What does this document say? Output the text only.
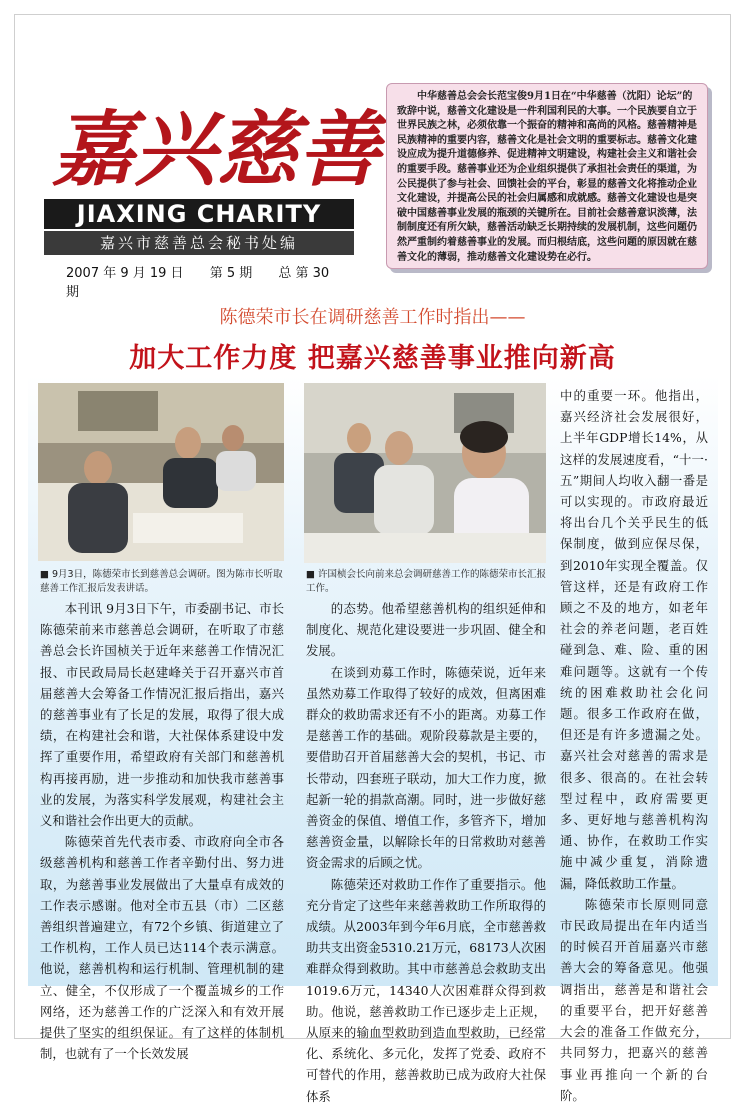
嘉兴慈善
JIAXING CHARITY
嘉兴市慈善总会秘书处编
2007 年 9 月 19 日 第 5 期 总 第 30 期
中华慈善总会会长范宝俊9月1日在“中华慈善（沈阳）论坛”的致辞中说，慈善文化建设是一件利国利民的大事。一个民族要自立于世界民族之林，必须依靠一个振奋的精神和高尚的风格。慈善精神是民族精神的重要内容，慈善文化是社会文明的重要标志。慈善文化建设应成为提升道德修养、促进精神文明建设，构建社会主义和谐社会的重要手段。慈善事业还为企业组织提供了承担社会责任的渠道，为公民提供了参与社会、回馈社会的平台，彰显的慈善文化将推动企业文化建设，并提高公民的社会归属感和成就感。慈善文化建设也是突破中国慈善事业发展的瓶颈的关键所在。目前社会慈善意识淡薄，法制制度还有所欠缺，慈善活动缺乏长期持续的发展机制，这些问题仍然严重制约着慈善事业的发展。而归根结底，这些问题的原因就在慈善文化的薄弱，推动慈善文化建设势在必行。
陈德荣市长在调研慈善工作时指出——
加大工作力度 把嘉兴慈善事业推向新高
■ 9月3日，陈德荣市长到慈善总会调研。图为陈市长听取慈善工作汇报后发表讲话。
■ 许国桢会长向前来总会调研慈善工作的陈德荣市长汇报工作。

本刊讯 9月3日下午，市委副书记、市长陈德荣前来市慈善总会调研，在听取了市慈善总会长许国桢关于近年来慈善工作情况汇报、市民政局局长赵建峰关于召开嘉兴市首届慈善大会筹备工作情况汇报后指出，嘉兴的慈善事业有了长足的发展，取得了很大成绩，在构建社会和谐，大社保体系建设中发挥了重要作用，希望政府有关部门和慈善机构再接再励，进一步推动和加快我市慈善事业的发展，为落实科学发展观，构建社会主义和谐社会作出更大的贡献。

陈德荣首先代表市委、市政府向全市各级慈善机构和慈善工作者辛勤付出、努力进取，为慈善事业发展做出了大量卓有成效的工作表示感谢。他对全市五县（市）二区慈善组织普遍建立，有72个乡镇、街道建立了工作机构，工作人员已达114个表示满意。他说，慈善机构和运行机制、管理机制的建立、健全，不仅形成了一个覆盖城乡的工作网络，还为慈善工作的广泛深入和有效开展提供了坚实的组织保证。有了这样的体制机制，也就有了一个长效发展

的态势。他希望慈善机构的组织延伸和制度化、规范化建设要进一步巩固、健全和发展。

在谈到劝募工作时，陈德荣说，近年来虽然劝募工作取得了较好的成效，但离困难群众的救助需求还有不小的距离。劝募工作是慈善工作的基础。观阶段募款是主要的，要借助召开首届慈善大会的契机，书记、市长带动，四套班子联动，加大工作力度，掀起新一轮的捐款高潮。同时，进一步做好慈善资金的保值、增值工作，多管齐下，增加慈善资金量，以解除长年的日常救助对慈善资金需求的后顾之忧。

陈德荣还对救助工作作了重要指示。他充分肯定了这些年来慈善救助工作所取得的成绩。从2003年到今年6月底，全市慈善救助共支出资金5310.21万元，68173人次困难群众得到救助。其中市慈善总会救助支出1019.6万元，14340人次困难群众得到救助。他说，慈善救助工作已逐步走上正规，从原来的输血型救助到造血型救助，已经常化、系统化、多元化，发挥了党委、政府不可替代的作用，慈善救助已成为政府大社保体系

中的重要一环。他指出，嘉兴经济社会发展很好，上半年GDP增长14%，从这样的发展速度看，“十一·五”期间人均收入翻一番是可以实现的。市政府最近将出台几个关乎民生的低保制度，做到应保尽保，到2010年实现全覆盖。仅管这样，还是有政府工作顾之不及的地方，如老年社会的养老问题，老百姓碰到急、难、险、重的困难问题等。这就有一个传统的困难救助社会化问题。很多工作政府在做，但还是有许多遗漏之处。嘉兴社会对慈善的需求是很多、很高的。在社会转型过程中，政府需要更多、更好地与慈善机构沟通、协作，在救助工作实施中减少重复，消除遗漏，降低救助工作量。

陈德荣市长原则同意市民政局提出在年内适当的时候召开首届嘉兴市慈善大会的筹备意见。他强调指出，慈善是和谐社会的重要平台，把开好慈善大会的准备工作做充分，共同努力，把嘉兴的慈善事业再推向一个新的台阶。
